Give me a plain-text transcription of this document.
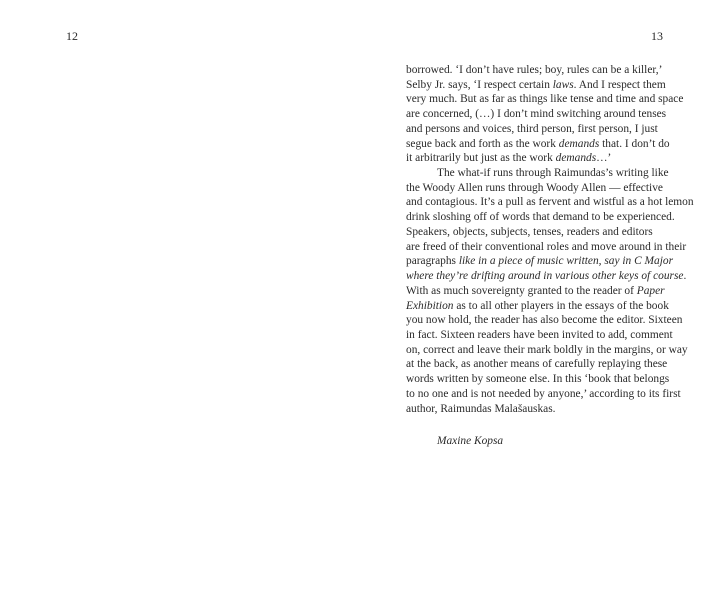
12	13
borrowed. ‘I don’t have rules; boy, rules can be a killer,’
Selby Jr. says, ‘I respect certain laws. And I respect them
very much. But as far as things like tense and time and space
are concerned, (…) I don’t mind switching around tenses
and persons and voices, third person, first person, I just
segue back and forth as the work demands that. I don’t do
it arbitrarily but just as the work demands…’
The what-if runs through Raimundas’s writing like
the Woody Allen runs through Woody Allen — effective
and contagious. It’s a pull as fervent and wistful as a hot lemon
drink sloshing off of words that demand to be experienced.
Speakers, objects, subjects, tenses, readers and editors
are freed of their conventional roles and move around in their
paragraphs like in a piece of music written, say in C Major
where they’re drifting around in various other keys of course.
With as much sovereignty granted to the reader of Paper
Exhibition as to all other players in the essays of the book
you now hold, the reader has also become the editor. Sixteen
in fact. Sixteen readers have been invited to add, comment
on, correct and leave their mark boldly in the margins, or way
at the back, as another means of carefully replaying these
words written by someone else. In this ‘book that belongs
to no one and is not needed by anyone,’ according to its first
author, Raimundas Malašauskas.
Maxine Kopsa
